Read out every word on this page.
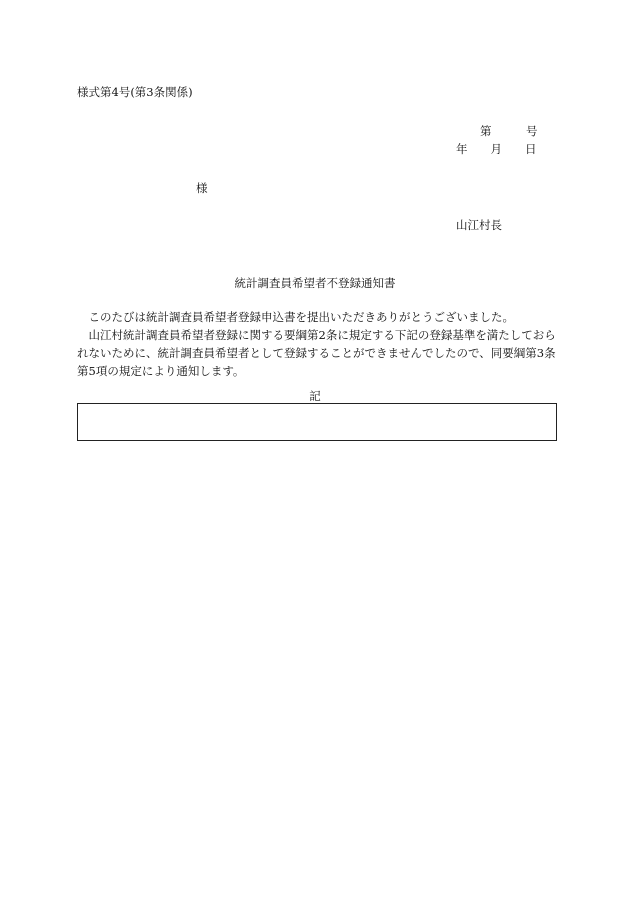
様式第4号(第3条関係)
第　　　号
年　　月　　日
様
山江村長
統計調査員希望者不登録通知書

　このたびは統計調査員希望者登録申込書を提出いただきありがとうございました。

　山江村統計調査員希望者登録に関する要綱第2条に規定する下記の登録基準を満たしておられないために、統計調査員希望者として登録することができませんでしたので、同要綱第3条第5項の規定により通知します。

記
